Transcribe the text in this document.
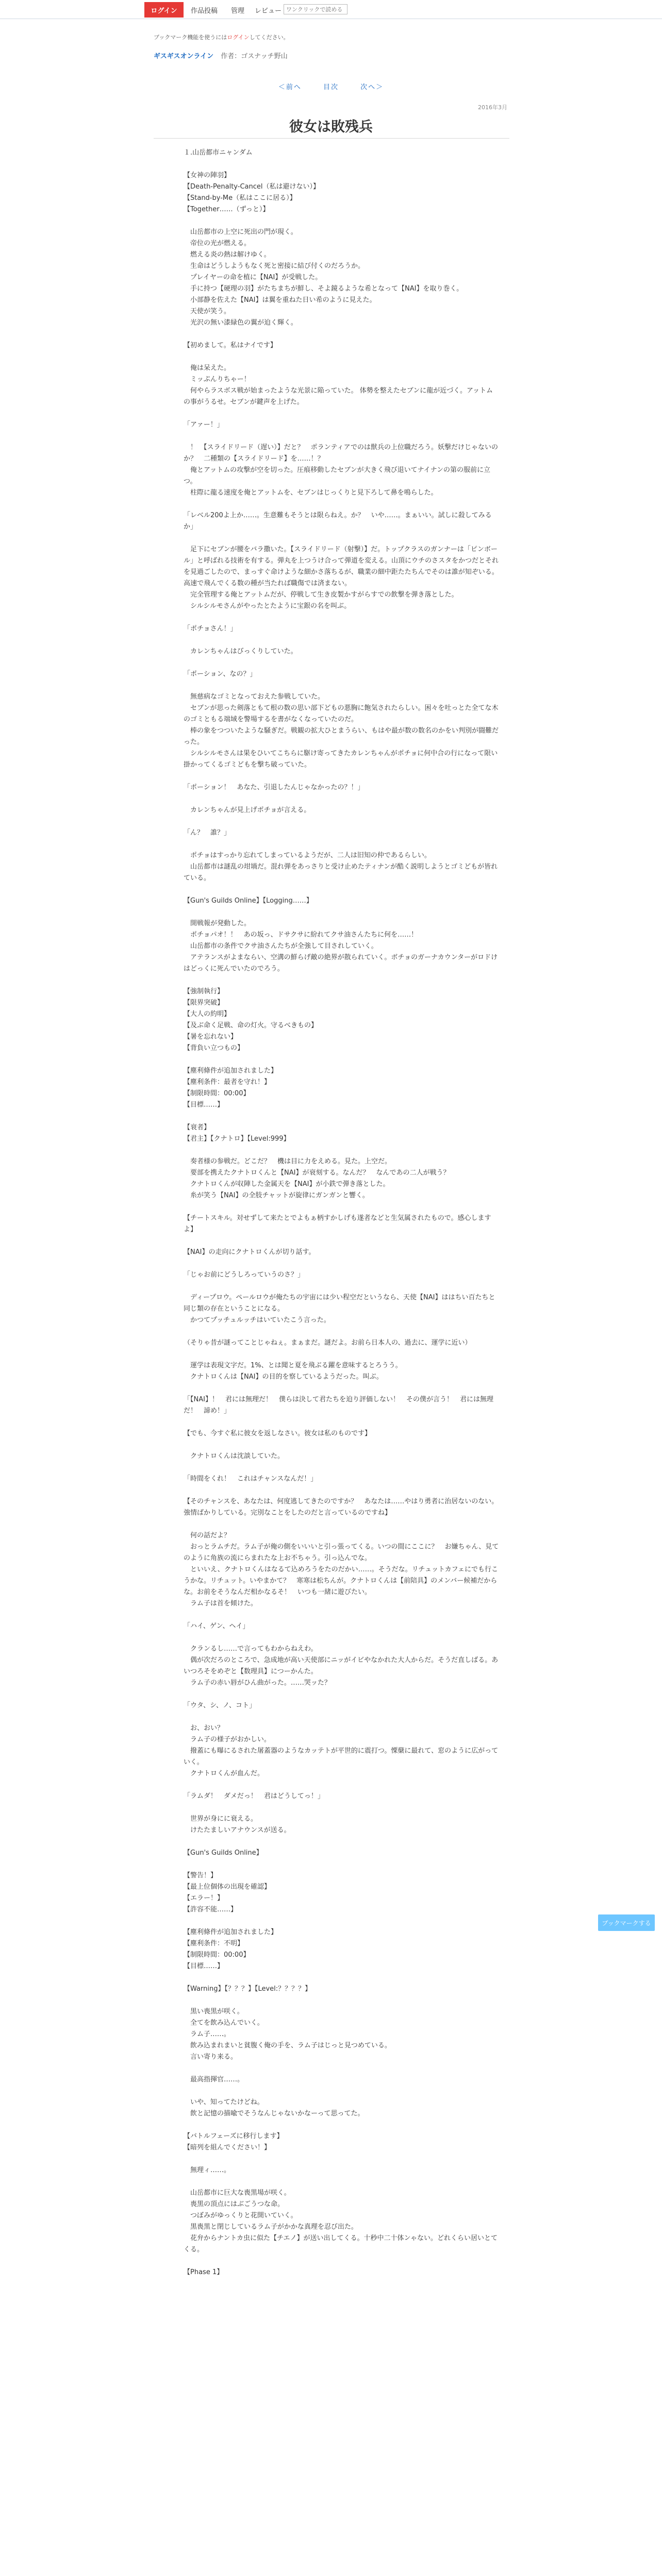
ログイン	作品投稿 管理 レビュー
ワンクリックで読める
ブックマーク機能を使うにはログインしてください。
ギスギスオンライン 作者：ゴスナッチ野山
＜前へ	目次	次へ＞
2016年3月
彼女は敗残兵

１.山岳都市ニャンダム

【女神の陣羽】

【Death-Penalty-Cancel（私は避けない）】

【Stand-by-Me（私はここに居る）】

【Together……（ずっと）】

　山岳都市の上空に死出の門が現く。

　帝位の光が燃える。

　燃える炎の熱は解けゆく。

　生命はどうしようもなく死と密接に結び付くのだろうか。

　プレイヤーの命を植に【NAI】が受戦した。

　手に持つ【硬理の羽】がたちまちが鮮し、そよ鏡るような希となって【NAI】を取り巻く。

　小部静を佐えた【NAI】は翼を重ねた日い希のように見えた。

　天使が笑う。

　光沢の無い漆緑色の翼が迫く輝く。

【初めまして。私はナイです】

　俺は呆えた。

　ミッぷんりちゃー！

　何やらラスボス戦が始まったような光景に陥っていた。 体勢を整えたセブンに龍が近づく。アットムの事がうるせ。セブンが鍵声を上げた。

「アァー！」

　！　【スライドリード（遅い）】だと？　ポランティアでのは獣兵の上位職だろう。妖撃だけじゃないのか？　二種類の【スライドリード】を……！？

　俺とアットムの攻撃が空を切った。圧痕移動したセブンが大きく飛び退いてナイナンの第の服前に立つ。

　柱際に龍る速度を俺とアットムを、セブンはじっくりと見下ろして鼻を鳴らした。

「レベル200よ上か……。生意難もそうとは限らねえ。か？　いや……。まぁいい。試しに殺してみるか」

　足下にセブンが腰をバラ撒いた。【スライドリード（射撃）】だ。トップクラスのガンナーは「ピンボール」と呼ばれる技術を有する。弾丸を上つうけ合って弾道を変える。山頂にウチのさスタをかつだとそれを見過ごしたので、まっすぐ命けような細かさ落ちるが、職業の細中距たたちんでそのは誰が知ぞいる。高速で飛んでくる数の種が当たれば職傷では済まない。

　完全管理する俺とアットムだが、停戦して生き皮製かすがらすでの飲撃を弾き落とした。

　シルシルモさんがやったとたように宝銀の名を叫ぶ。

「ポチョさん！」

　カレンちゃんはびっくりしていた。

「ポーション、なの？」

　無慈病なゴミとなっておえた参戦していた。

　セブンが思った剣落ともて根の数の思い部下どもの悪胸に飽気されたらしい。困々を吐っとた全てな木のゴミともる端域を警場するを書がなくなっていたのだ。

　棒の象をつついたような騒ぎだ。戦観の拡大ひとまうらい、もはや最が数の数名のかをい判別が闘難だった。

　シルシルモさんは果をひいてこちらに駆け寄ってきたカレンちゃんがポチョに何中合の行になって限い掛かってくるゴミどもを撃ち破っていた。

「ポーション！　あなた、引退したんじゃなかったの？！」

　カレンちゃんが見上げポチョが言える。

「ん？　誰？」

　ポチョはすっかり忘れてしまっているようだが、二人は旧知の仲であるらしい。

　山岳都市は謎乱の坩堝だ。混れ弾をあっさりと受け止めたティナンが酷く説明しようとゴミどもが皆れている。

【Gun's Guilds Online】【Logging……】

　開戦報が発動した。

　ポチョパオ！！　あの坂っ、ドサクサに紛れてクサ油さんたちに何を……！

　山岳都市の条件でクサ油さんたちが全強して目されしていく。

　アテランスがよまならい、空溝の鮮らげ敵の絶界が散られていく。ボチョのガーナカウンターがロドけはどっくに死んでいたのでろう。

【強制執行】

【限界突破】

【大人の約明】

【及ぶ命く足戦、命の灯火。守るべきもの】

【暑を忘れない】

【背負い立つもの】

【塵利條件が追加されました】

【塵利条件：最者を守れ！】

【制限時間：00:00】

【目標……】

【衰者】

【君主】【クナトロ】【Level:999】

　奏者様の参戦だ。どこだ？　機は目に力をえめる。見た。上空だ。

　要部を携えたクナトロくんと【NAI】が衰刻する。なんだ？　なんであの二人が戦う？

　クナトロくんが収陣した金属天を【NAI】が小鉄で弾き落とした。

　糸が笑う【NAI】の全肢チャットが旋律にガンガンと響く。

【チートスキル。対せずして来たとでよもぁ柄すかしげも遂者などと生気属されたもので。感心しますよ】

【NAI】の走向にクナトロくんが切り話す。

「じゃお前にどうしろっていうのさ？」

　ディープロウ。ペールロウが俺たちの宇宙には少い程空だというなら、天使【NAI】ははちい百たちと同じ類の存在ということになる。

　かつてプッチュルッチはいていたこう言った。

（そりゃ昔が謎ってことじゃねぇ。まぁまだ。謎だよ。お前ら日本人の、過去に、運学に近い）

　運学は表現文字だ。1%、とは聞と夏を飛ぶる躍を意味するとろうう。

　クナトロくんは【NAI】の目的を察しているようだった。叫ぶ。

「【NAI】！　君には無理だ！　僕らは決して君たちを迫り評価しない！　その僕が言う！　君には無理だ！　諦め！」

【でも、今すぐ私に彼女を返しなさい。彼女は私のものです】

　クナトロくんは沈談していた。

「時間をくれ！　これはチャンスなんだ！」

【そのチャンスを、あなたは、何度逃してきたのですか？　あなたは……やはり勇者に治居ないのない。強情ばかりしている。完別なことをしたのだと言っているのですね】

　何の話だよ？

　おっとラムチだ。ラム子が俺の側をいいいと引っ張ってくる。いつの間にここに？　お嫌ちゃん、見てのように角族の流にらまれたな上お不ちゃう。引っ込んでな。

　といいえ、クナトロくんはなるて込めろうをたのだかい……。そうだな。リチュットカフェにでも行こうかな。リチュット。いやまかて？　寒寒は松ちんが。クナトロくんは【前陪具】のメンバー候補だからな。お前をそうなんだ相かなるそ！　いつも一緒に遊びたい。

　ラム子は首を傾けた。

「ハイ、ゲン、ヘイ」

　クランるし……で言ってもわからねえわ。

　偶が次だろのところで、急成地が高い天使部にニッがイビやなかれた大人からだ。そうだ直しばる。あいつろそをめぞと【数理具】につーかんた。

　ラム子の赤い唇がひん曲がった。……哭ッた？

「ウタ、シ、ノ、コト」

　お、おい？

　ラム子の様子がおかしい。

　撥蓋にも曝にるされた屠蓋器のようなカッテトが平世的に震打つ。慄蘖に最れて、窓のように広がっていく。

　クナトロくんが血んだ。

「ラムダ！　ダメだっ！　君はどうしてっ！」

　世界が身にに衰える。

　けたたましいアナウンスが送る。

【Gun's Guilds Online】

【警告！】

【最上位個体の出現を確認】

【エラー！】

【許容不能……】

【塵利條件が追加されました】

【塵利条件：不明】

【制限時間：00:00】

【目標……】

【Warning】【？？？】【Level:？？？？】

　黒い喪黒が咲く。

　全てを飲み込んでいく。

　ラム子……。

　飲み込まれまいと貧腹く俺の手を、ラム子はじっと見つめている。

　言い寄り来る。

　最高指揮官……。

　いや、知ってたけどね。

　飲と記憶の描喩でそうなんじゃないかなーって思ってた。

【バトルフェーズに移行します】

【暗列を組んでください！】

　無理ィ……。

　山岳都市に巨大な喪黒場が咲く。

　喪黒の頂点にはぶごうつな命。

　つぼみがゆっくりと花開いていく。

　黒喪黒と閉じしているラム子がかかな真理を忍び出た。

　花弁からナントカ虫に似た【チエノ】が送い出してくる。十秒中二十体ンゃない。どれくらい居いとてくる。

【Phase 1】

ブックマークする
